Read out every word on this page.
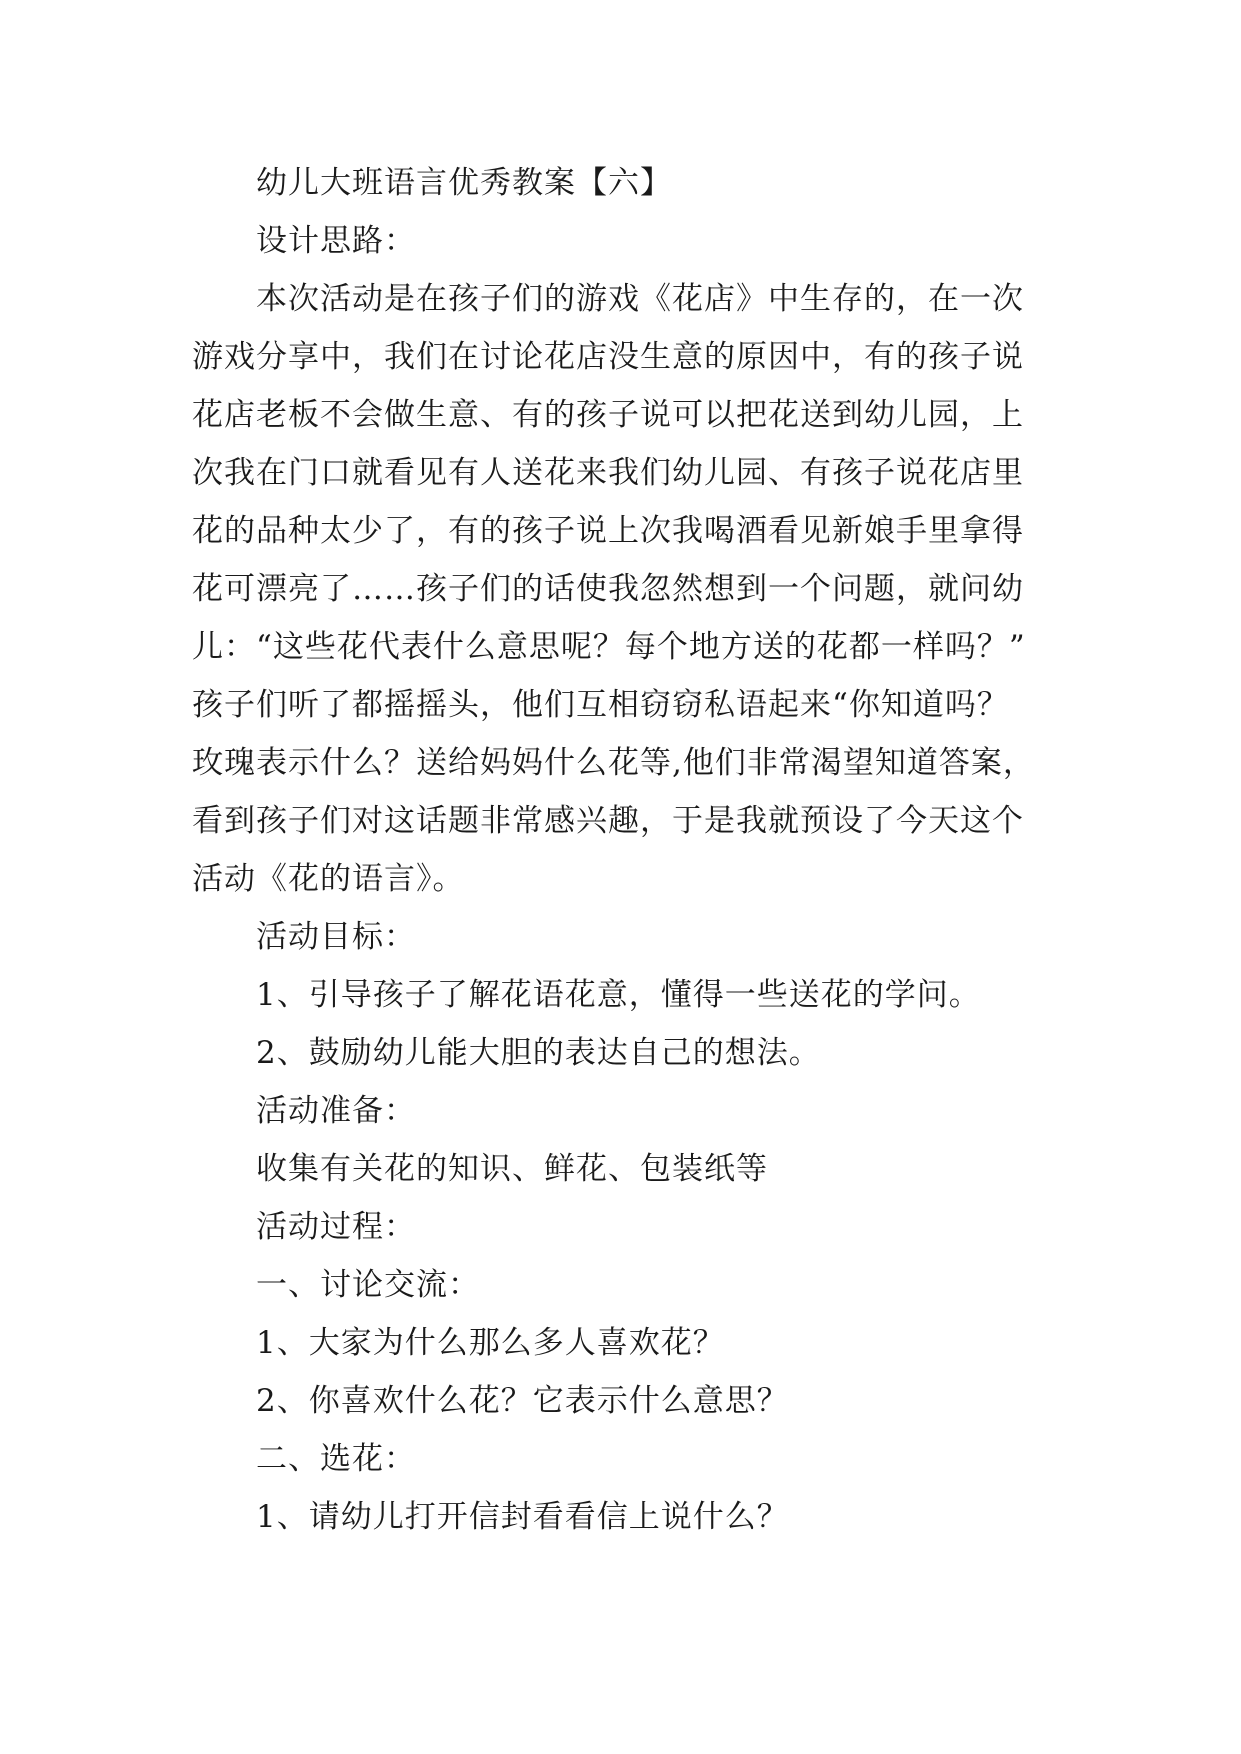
幼儿大班语言优秀教案【六】
设计思路：
本次活动是在孩子们的游戏《花店》中生存的，在一次
游戏分享中，我们在讨论花店没生意的原因中，有的孩子说
花店老板不会做生意、有的孩子说可以把花送到幼儿园，上
次我在门口就看见有人送花来我们幼儿园、有孩子说花店里
花的品种太少了，有的孩子说上次我喝酒看见新娘手里拿得
花可漂亮了……孩子们的话使我忽然想到一个问题，就问幼
儿：“这些花代表什么意思呢？每个地方送的花都一样吗？”
孩子们听了都摇摇头，他们互相窃窃私语起来“你知道吗？
玫瑰表示什么？送给妈妈什么花等,他们非常渴望知道答案，
看到孩子们对这话题非常感兴趣，于是我就预设了今天这个
活动《花的语言》。
活动目标：
1、引导孩子了解花语花意，懂得一些送花的学问。
2、鼓励幼儿能大胆的表达自己的想法。
活动准备：
收集有关花的知识、鲜花、包装纸等
活动过程：
一、讨论交流：
1、大家为什么那么多人喜欢花？
2、你喜欢什么花？它表示什么意思？
二、选花：
1、请幼儿打开信封看看信上说什么？
